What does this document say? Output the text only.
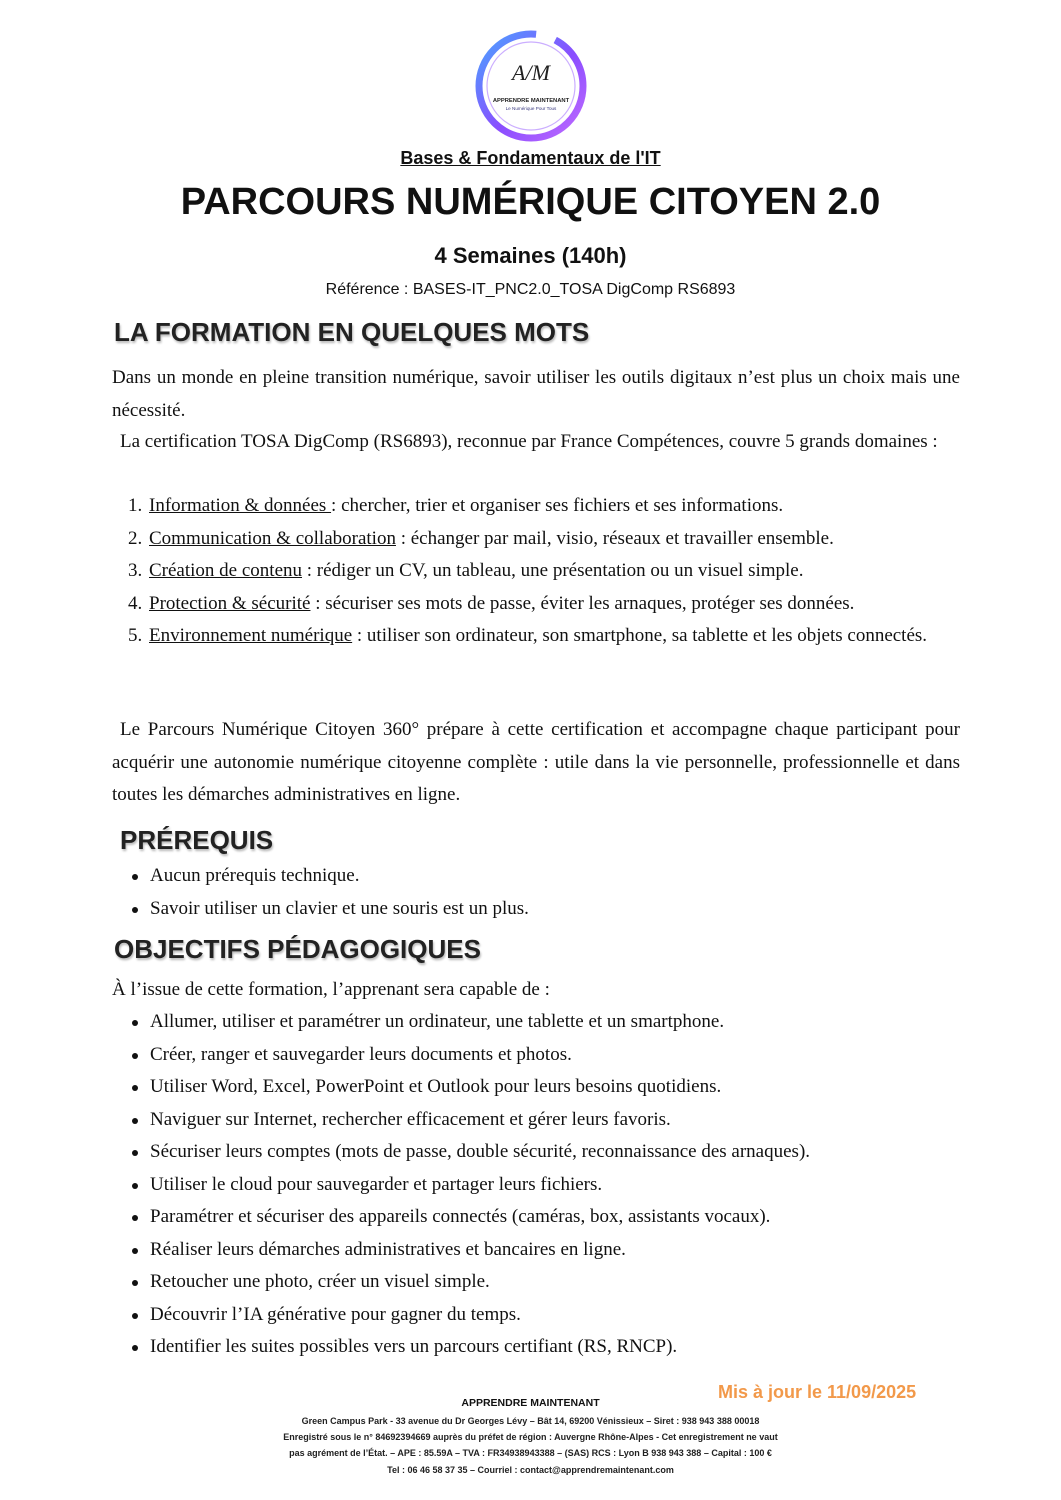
A/M
APPRENDRE MAINTENANT
Le Numérique Pour Tous
Bases & Fondamentaux de l'IT
PARCOURS NUMÉRIQUE CITOYEN 2.0
4 Semaines (140h)
Référence : BASES-IT_PNC2.0_TOSA DigComp RS6893
LA FORMATION EN QUELQUES MOTS

Dans un monde en pleine transition numérique, savoir utiliser les outils digitaux n’est plus un choix mais une nécessité.

La certification TOSA DigComp (RS6893), reconnue par France Compétences, couvre 5 grands domaines :

1. Information & données : chercher, trier et organiser ses fichiers et ses informations.
2. Communication & collaboration : échanger par mail, visio, réseaux et travailler ensemble.
3. Création de contenu : rédiger un CV, un tableau, une présentation ou un visuel simple.
4. Protection & sécurité : sécuriser ses mots de passe, éviter les arnaques, protéger ses données.
5. Environnement numérique : utiliser son ordinateur, son smartphone, sa tablette et les objets connectés.

Le Parcours Numérique Citoyen 360° prépare à cette certification et accompagne chaque participant pour acquérir une autonomie numérique citoyenne complète : utile dans la vie personnelle, professionnelle et dans toutes les démarches administratives en ligne.

PRÉREQUIS
Aucun prérequis technique.
Savoir utiliser un clavier et une souris est un plus.
OBJECTIFS PÉDAGOGIQUES

À l’issue de cette formation, l’apprenant sera capable de :

Allumer, utiliser et paramétrer un ordinateur, une tablette et un smartphone.
Créer, ranger et sauvegarder leurs documents et photos.
Utiliser Word, Excel, PowerPoint et Outlook pour leurs besoins quotidiens.
Naviguer sur Internet, rechercher efficacement et gérer leurs favoris.
Sécuriser leurs comptes (mots de passe, double sécurité, reconnaissance des arnaques).
Utiliser le cloud pour sauvegarder et partager leurs fichiers.
Paramétrer et sécuriser des appareils connectés (caméras, box, assistants vocaux).
Réaliser leurs démarches administratives et bancaires en ligne.
Retoucher une photo, créer un visuel simple.
Découvrir l’IA générative pour gagner du temps.
Identifier les suites possibles vers un parcours certifiant (RS, RNCP).
Mis à jour le 11/09/2025
APPRENDRE MAINTENANT
Green Campus Park - 33 avenue du Dr Georges Lévy – Bât 14, 69200 Vénissieux – Siret : 938 943 388 00018
Enregistré sous le n° 84692394669 auprès du préfet de région : Auvergne Rhône-Alpes - Cet enregistrement ne vaut
pas agrément de l’État. – APE : 85.59A – TVA : FR34938943388 – (SAS) RCS : Lyon B 938 943 388 – Capital : 100 €
Tel : 06 46 58 37 35 – Courriel : contact@apprendremaintenant.com
